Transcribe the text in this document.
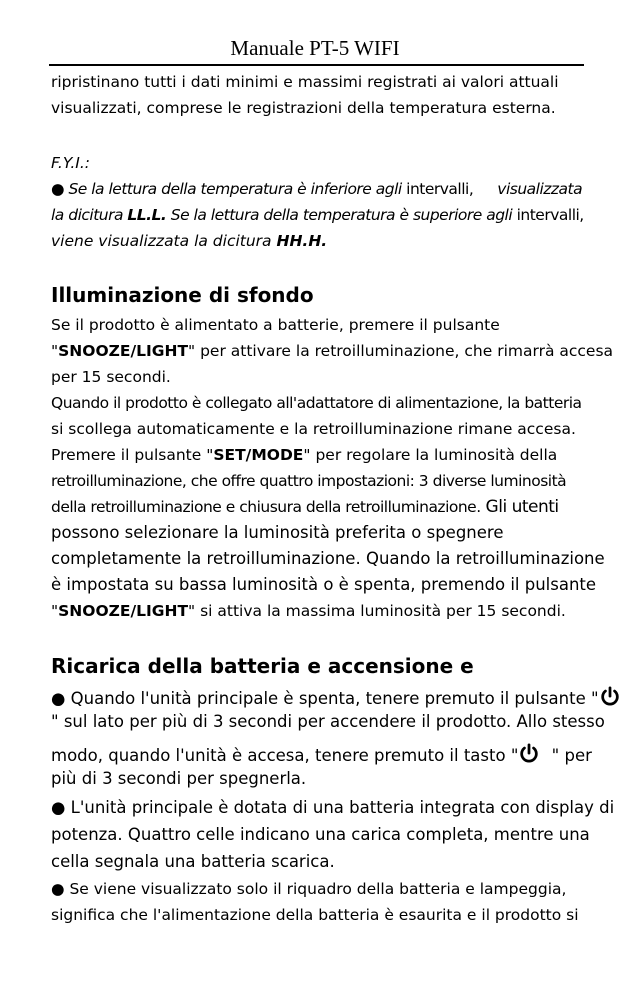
Manuale PT-5 WIFI
ripristinano tutti i dati minimi e massimi registrati ai valori attuali
visualizzati, comprese le registrazioni della temperatura esterna.
F.Y.I.:
● Se la lettura della temperatura è inferiore agli intervalli, visualizzata
la dicitura LL.L. Se la lettura della temperatura è superiore agli intervalli,
viene visualizzata la dicitura HH.H.
Illuminazione di sfondo
Se il prodotto è alimentato a batterie, premere il pulsante
"SNOOZE/LIGHT" per attivare la retroilluminazione, che rimarrà accesa
per 15 secondi.
Quando il prodotto è collegato all'adattatore di alimentazione, la batteria
si scollega automaticamente e la retroilluminazione rimane accesa.
Premere il pulsante "SET/MODE" per regolare la luminosità della
retroilluminazione, che offre quattro impostazioni: 3 diverse luminosità
della retroilluminazione e chiusura della retroilluminazione. Gli utenti
possono selezionare la luminosità preferita o spegnere
completamente la retroilluminazione. Quando la retroilluminazione
è impostata su bassa luminosità o è spenta, premendo il pulsante
"SNOOZE/LIGHT" si attiva la massima luminosità per 15 secondi.
Ricarica della batteria e accensione e
● Quando l'unità principale è spenta, tenere premuto il pulsante "
" sul lato per più di 3 secondi per accendere il prodotto. Allo stesso
modo, quando l'unità è accesa, tenere premuto il tasto " " per
più di 3 secondi per spegnerla.
● L'unità principale è dotata di una batteria integrata con display di
potenza. Quattro celle indicano una carica completa, mentre una
cella segnala una batteria scarica.
● Se viene visualizzato solo il riquadro della batteria e lampeggia,
significa che l'alimentazione della batteria è esaurita e il prodotto si
